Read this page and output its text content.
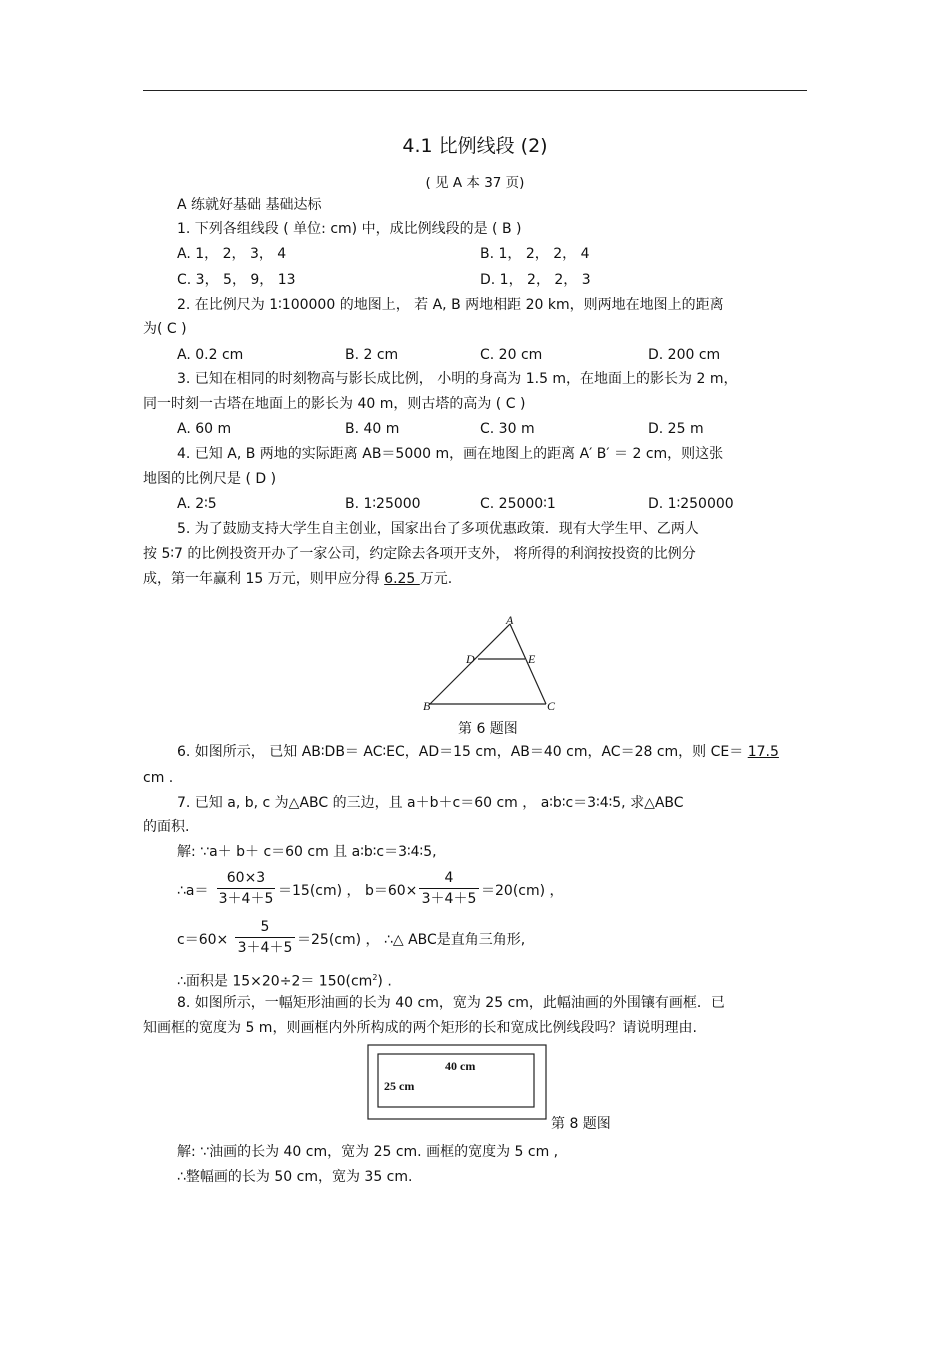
4.1 比例线段 (2)
( 见 A 本 37 页)
A 练就好基础 基础达标
1. 下列各组线段 ( 单位: cm) 中，成比例线段的是 ( B )
A. 1， 2， 3， 4	B. 1， 2， 2， 4
C. 3， 5， 9， 13	D. 1， 2， 2， 3
2. 在比例尺为 1∶100000 的地图上， 若 A, B 两地相距 20 km，则两地在地图上的距离
为( C )
A. 0.2 cm	B. 2 cm	C. 20 cm	D. 200 cm
3. 已知在相同的时刻物高与影长成比例， 小明的身高为 1.5 m，在地面上的影长为 2 m，
同一时刻一古塔在地面上的影长为 40 m，则古塔的高为 ( C )
A. 60 m	B. 40 m	C. 30 m	D. 25 m
4. 已知 A, B 两地的实际距离 AB＝5000 m，画在地图上的距离 A′ B′ ＝ 2 cm，则这张
地图的比例尺是 ( D )
A. 2∶5	B. 1∶25000	C. 25000∶1	D. 1∶250000
5. 为了鼓励支持大学生自主创业，国家出台了多项优惠政策．现有大学生甲、乙两人
按 5∶7 的比例投资开办了一家公司，约定除去各项开支外， 将所得的利润按投资的比例分
成，第一年赢利 15 万元，则甲应分得 6.25 万元.
A
D	E
B	C
第 6 题图
6. 如图所示， 已知 AB∶DB＝ AC∶EC，AD＝15 cm，AB＝40 cm，AC＝28 cm，则 CE＝ 17.5
cm .
7. 已知 a, b, c 为△ABC 的三边，且 a＋b＋c＝60 cm ， a∶b∶c＝3∶4∶5, 求△ABC
的面积.
解: ∵a＋ b＋ c＝60 cm 且 a∶b∶c＝3∶4∶5,
∴a＝
60×3
3＋4＋5 ＝15(cm) ， b＝60×
4
3＋4＋5 ＝20(cm) ，
c＝60×
5
3＋4＋5 ＝25(cm) ， ∴△ ABC是直角三角形,
∴面积是 $15\times 20\div 2= 150(cm^2)$ .
8. 如图所示，一幅矩形油画的长为 40 cm，宽为 25 cm，此幅油画的外围镶有画框．已
知画框的宽度为 5 m，则画框内外所构成的两个矩形的长和宽成比例线段吗？请说明理由.
40 cm
25 cm
第 8 题图
解: ∵油画的长为 40 cm，宽为 25 cm. 画框的宽度为 5 cm ,
∴整幅画的长为 50 cm，宽为 35 cm.
